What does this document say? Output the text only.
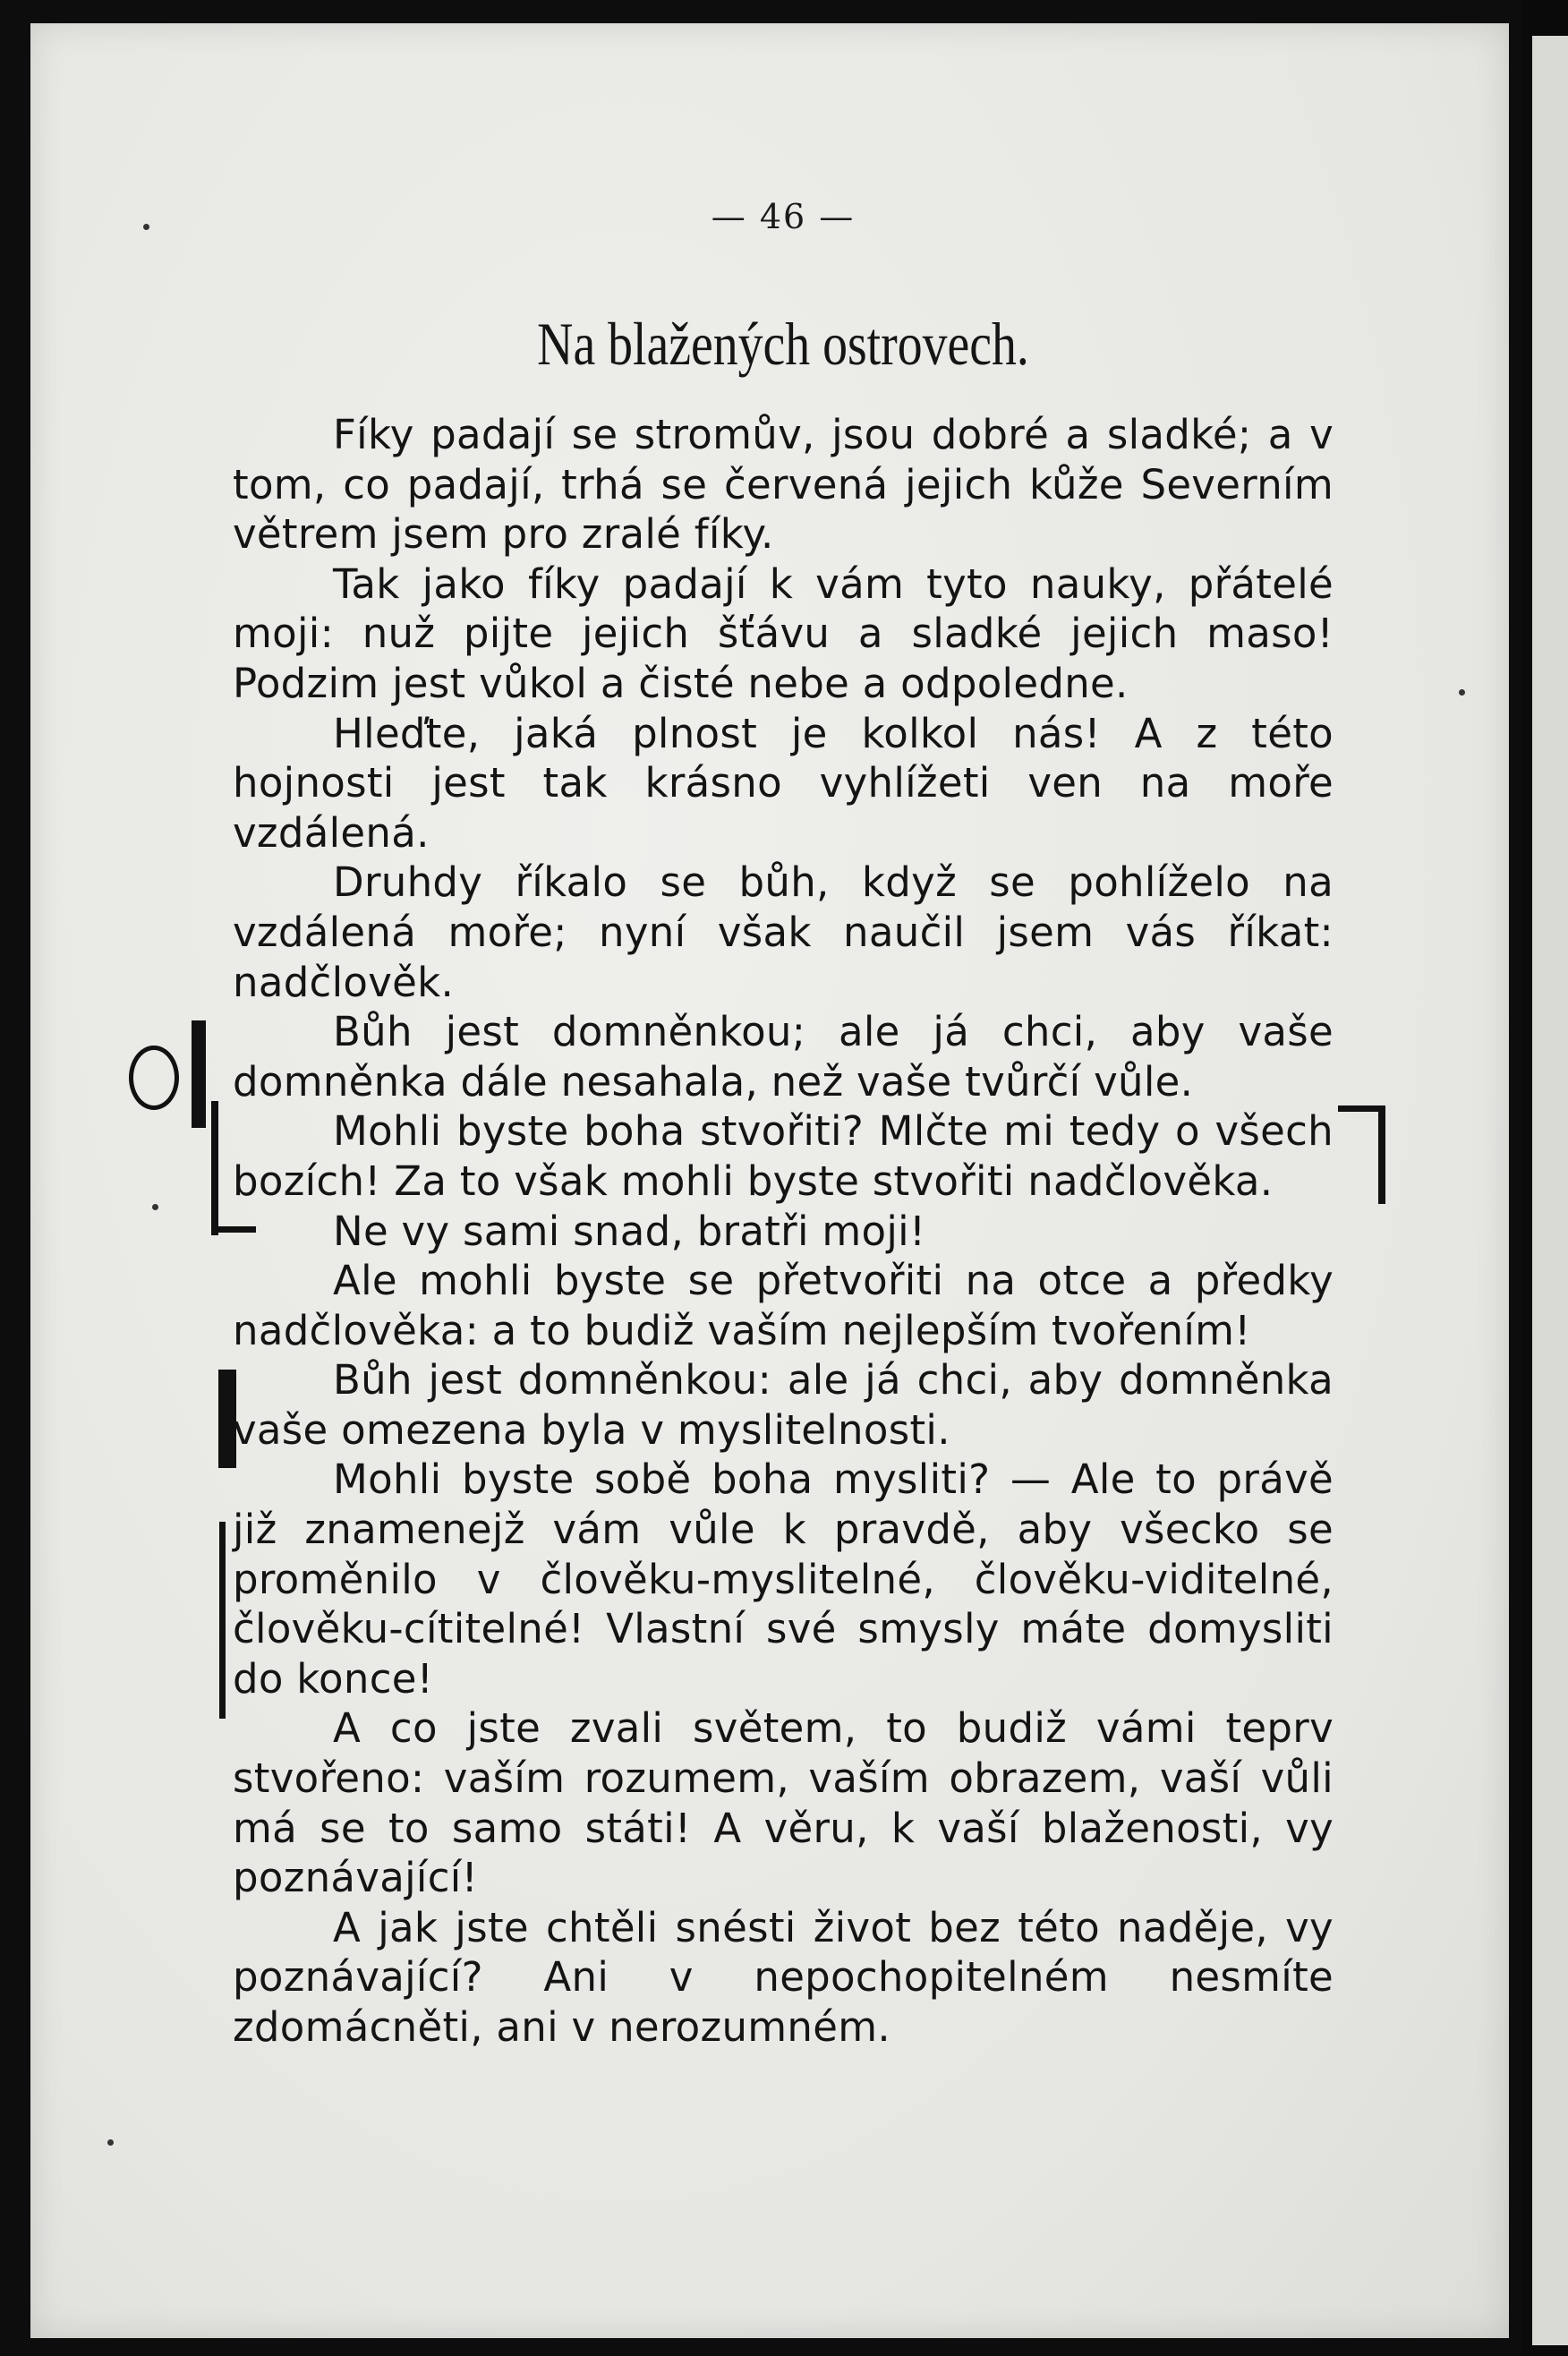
— 46 —
Na blažených ostrovech.

Fíky padají se stromův, jsou dobré a sladké; a v tom, co padají, trhá se červená jejich kůže Severním větrem jsem pro zralé fíky.

Tak jako fíky padají k vám tyto nauky, přátelé moji: nuž pijte jejich šťávu a sladké jejich maso! Podzim jest vůkol a čisté nebe a odpoledne.

Hleďte, jaká plnost je kolkol nás! A z této hojnosti jest tak krásno vyhlížeti ven na moře vzdálená.

Druhdy říkalo se bůh, když se pohlíželo na vzdálená moře; nyní však naučil jsem vás říkat: nadčlověk.

Bůh jest domněnkou; ale já chci, aby vaše domněnka dále nesahala, než vaše tvůrčí vůle.

Mohli byste boha stvořiti? Mlčte mi tedy o všech bozích! Za to však mohli byste stvořiti nadčlověka.

Ne vy sami snad, bratři moji!

Ale mohli byste se přetvořiti na otce a předky nadčlověka: a to budiž vaším nejlepším tvořením!

Bůh jest domněnkou: ale já chci, aby domněnka vaše omezena byla v myslitelnosti.

Mohli byste sobě boha mysliti? — Ale to právě již znamenejž vám vůle k pravdě, aby všecko se proměnilo v člověku-myslitelné, člověku-viditelné, člověku-cítitelné! Vlastní své smysly máte domysliti do konce!

A co jste zvali světem, to budiž vámi teprv stvořeno: vaším rozumem, vaším obrazem, vaší vůli má se to samo státi! A věru, k vaší blaženosti, vy poznávající!

A jak jste chtěli snésti život bez této naděje, vy poznávající? Ani v nepochopitelném nesmíte zdomácněti, ani v nerozumném.
